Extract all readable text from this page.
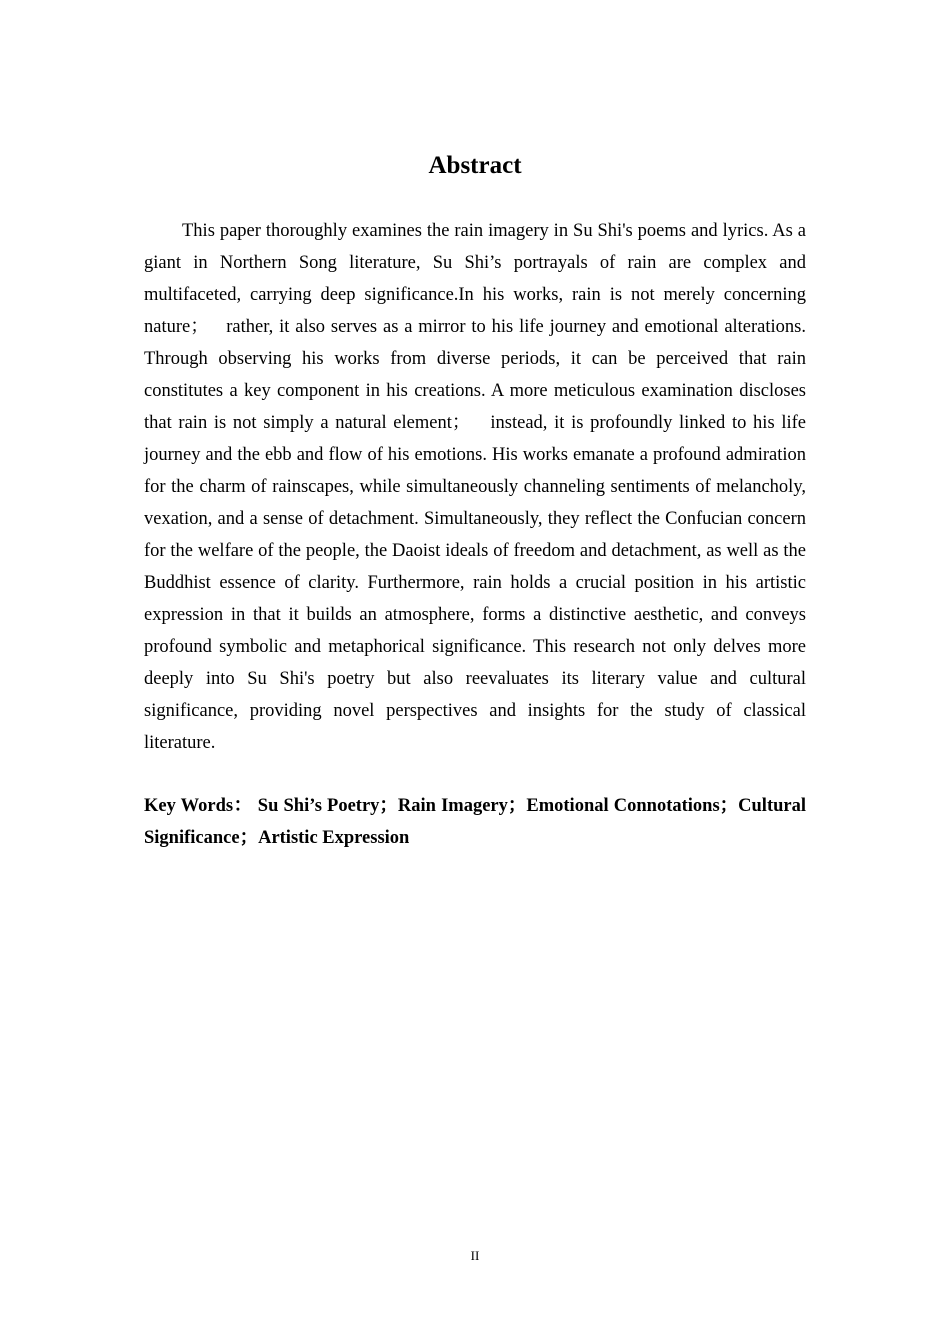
Abstract

This paper thoroughly examines the rain imagery in Su Shi's poems and lyrics. As a giant in Northern Song literature, Su Shi’s portrayals of rain are complex and multifaceted, carrying deep significance.In his works, rain is not merely concerning nature；   rather, it also serves as a mirror to his life journey and emotional alterations. Through observing his works from diverse periods, it can be perceived that rain constitutes a key component in his creations. A more meticulous examination discloses that rain is not simply a natural element；   instead, it is profoundly linked to his life journey and the ebb and flow of his emotions. His works emanate a profound admiration for the charm of rainscapes, while simultaneously channeling sentiments of melancholy, vexation, and a sense of detachment. Simultaneously, they reflect the Confucian concern for the welfare of the people, the Daoist ideals of freedom and detachment, as well as the Buddhist essence of clarity. Furthermore, rain holds a crucial position in his artistic expression in that it builds an atmosphere, forms a distinctive aesthetic, and conveys profound symbolic and metaphorical significance. This research not only delves more deeply into Su Shi's poetry but also reevaluates its literary value and cultural significance, providing novel perspectives and insights for the study of classical literature.

Key Words： Su Shi’s Poetry；Rain Imagery；Emotional Connotations；Cultural Significance；Artistic Expression

II
